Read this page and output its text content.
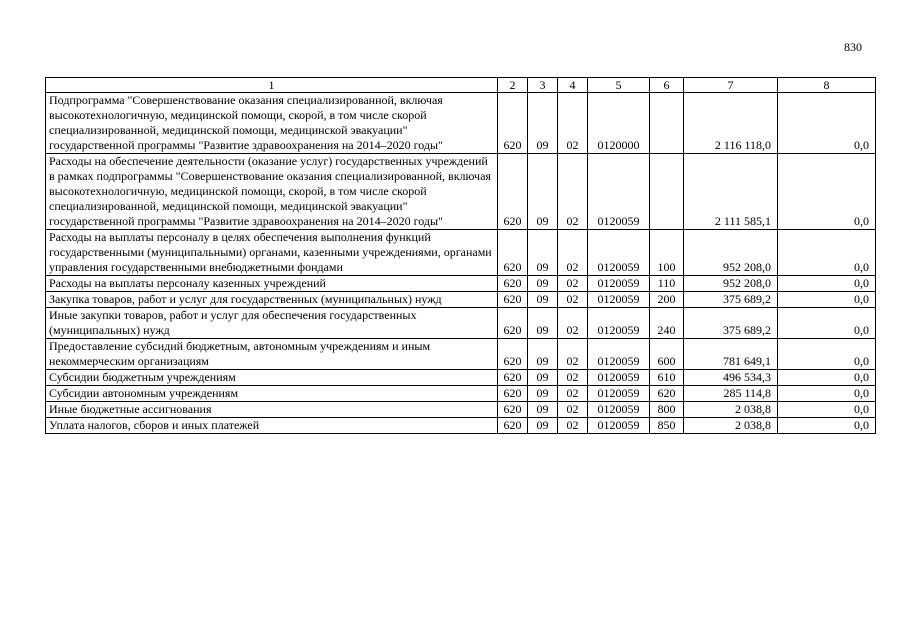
830
1	2	3	4	5	6	7	8
Подпрограмма "Совершенствование оказания специализированной, включая высокотехнологичную, медицинской помощи, скорой, в том числе скорой специализированной, медицинской помощи, медицинской эвакуации" государственной программы "Развитие здравоохранения на 2014–2020 годы"	620	09	02	0120000		2 116 118,0	0,0
Расходы на обеспечение деятельности (оказание услуг) государственных учреждений в рамках подпрограммы "Совершенствование оказания специализированной, включая высокотехнологичную, медицинской помощи, скорой, в том числе скорой специализированной, медицинской помощи, медицинской эвакуации" государственной программы "Развитие здравоохранения на 2014–2020 годы"	620	09	02	0120059		2 111 585,1	0,0
Расходы на выплаты персоналу в целях обеспечения выполнения функций государственными (муниципальными) органами, казенными учреждениями, органами управления государственными внебюджетными фондами	620	09	02	0120059	100	952 208,0	0,0
Расходы на выплаты персоналу казенных учреждений	620	09	02	0120059	110	952 208,0	0,0
Закупка товаров, работ и услуг для государственных (муниципальных) нужд	620	09	02	0120059	200	375 689,2	0,0
Иные закупки товаров, работ и услуг для обеспечения государственных (муниципальных) нужд	620	09	02	0120059	240	375 689,2	0,0
Предоставление субсидий бюджетным, автономным учреждениям и иным некоммерческим организациям	620	09	02	0120059	600	781 649,1	0,0
Субсидии бюджетным учреждениям	620	09	02	0120059	610	496 534,3	0,0
Субсидии автономным учреждениям	620	09	02	0120059	620	285 114,8	0,0
Иные бюджетные ассигнования	620	09	02	0120059	800	2 038,8	0,0
Уплата налогов, сборов и иных платежей	620	09	02	0120059	850	2 038,8	0,0
